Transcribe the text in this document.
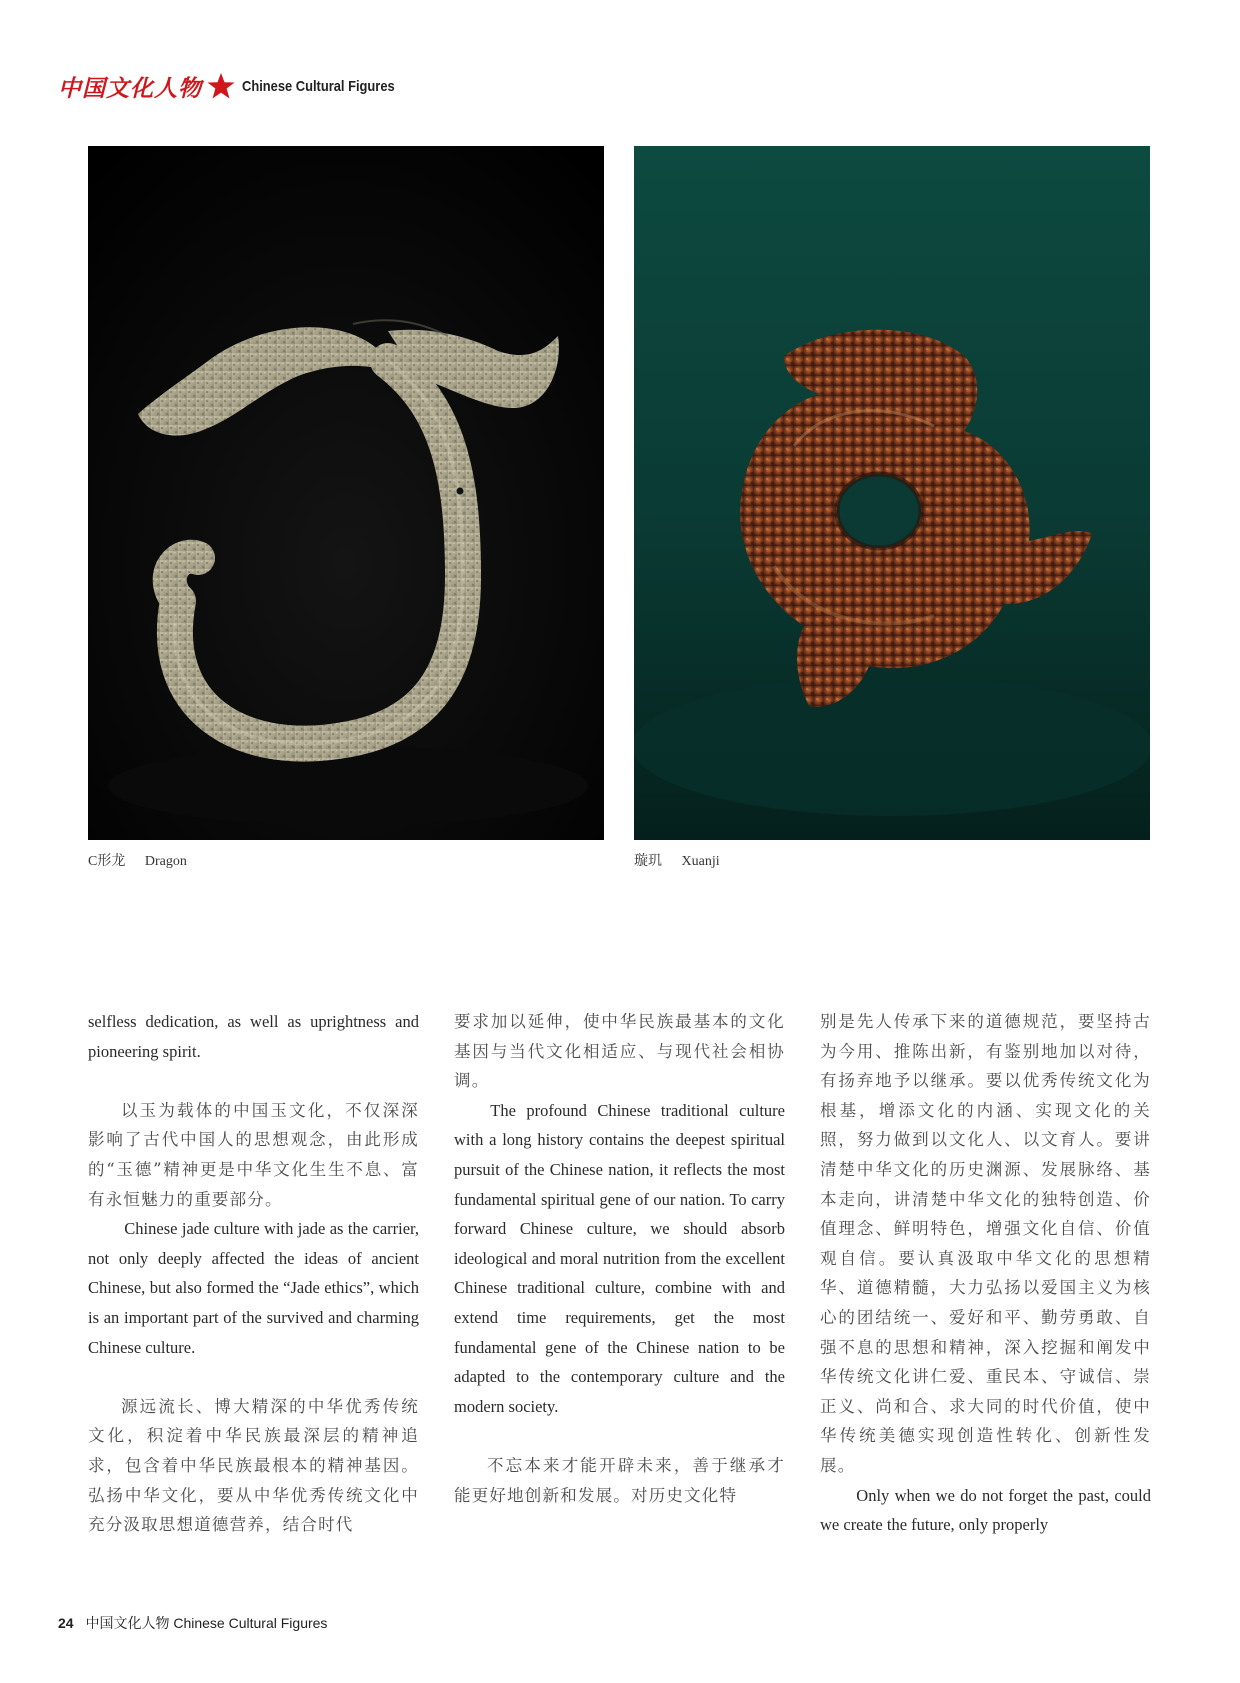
中国文化人物	Chinese Cultural Figures
C形龙 Dragon	璇玑 Xuanji

selfless dedication, as well as uprightness and pioneering spirit.

以玉为载体的中国玉文化，不仅深深影响了古代中国人的思想观念，由此形成的“玉德”精神更是中华文化生生不息、富有永恒魅力的重要部分。

Chinese jade culture with jade as the carrier, not only deeply affected the ideas of ancient Chinese, but also formed the “Jade ethics”, which is an important part of the survived and charming Chinese culture.

源远流长、博大精深的中华优秀传统文化，积淀着中华民族最深层的精神追求，包含着中华民族最根本的精神基因。弘扬中华文化，要从中华优秀传统文化中充分汲取思想道德营养，结合时代

要求加以延伸，使中华民族最基本的文化基因与当代文化相适应、与现代社会相协调。

The profound Chinese traditional culture with a long history contains the deepest spiritual pursuit of the Chinese nation, it reflects the most fundamental spiritual gene of our nation. To carry forward Chinese culture, we should absorb ideological and moral nutrition from the excellent Chinese traditional culture, combine with and extend time requirements, get the most fundamental gene of the Chinese nation to be adapted to the contemporary culture and the modern society.

不忘本来才能开辟未来，善于继承才能更好地创新和发展。对历史文化特

别是先人传承下来的道德规范，要坚持古为今用、推陈出新，有鉴别地加以对待，有扬弃地予以继承。要以优秀传统文化为根基，增添文化的内涵、实现文化的关照，努力做到以文化人、以文育人。要讲清楚中华文化的历史渊源、发展脉络、基本走向，讲清楚中华文化的独特创造、价值理念、鲜明特色，增强文化自信、价值观自信。要认真汲取中华文化的思想精华、道德精髓，大力弘扬以爱国主义为核心的团结统一、爱好和平、勤劳勇敢、自强不息的思想和精神，深入挖掘和阐发中华传统文化讲仁爱、重民本、守诚信、崇正义、尚和合、求大同的时代价值，使中华传统美德实现创造性转化、创新性发展。

Only when we do not forget the past, could we create the future, only properly

24 中国文化人物 Chinese Cultural Figures
